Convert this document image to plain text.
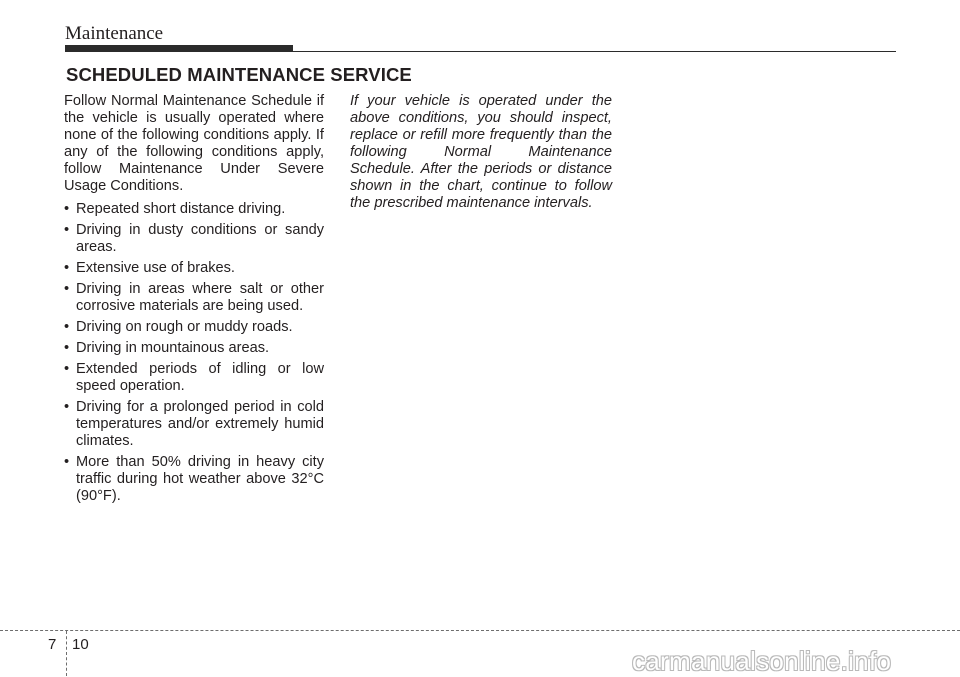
Maintenance
SCHEDULED MAINTENANCE SERVICE

Follow Normal Maintenance Schedule if the vehicle is usually operated where none of the following conditions apply. If any of the following conditions apply, follow Maintenance Under Severe Usage Conditions.

• Repeated short distance driving.
• Driving in dusty conditions or sandy areas.
• Extensive use of brakes.
• Driving in areas where salt or other corrosive materials are being used.
• Driving on rough or muddy roads.
• Driving in mountainous areas.
• Extended periods of idling or low speed operation.
• Driving for a prolonged period in cold temperatures and/or extremely humid climates.
• More than 50% driving in heavy city traffic during hot weather above 32°C (90°F).

If your vehicle is operated under the above conditions, you should inspect, replace or refill more frequently than the following Normal Maintenance Schedule. After the periods or distance shown in the chart, continue to follow the prescribed maintenance intervals.

7 10
carmanualsonline.info
